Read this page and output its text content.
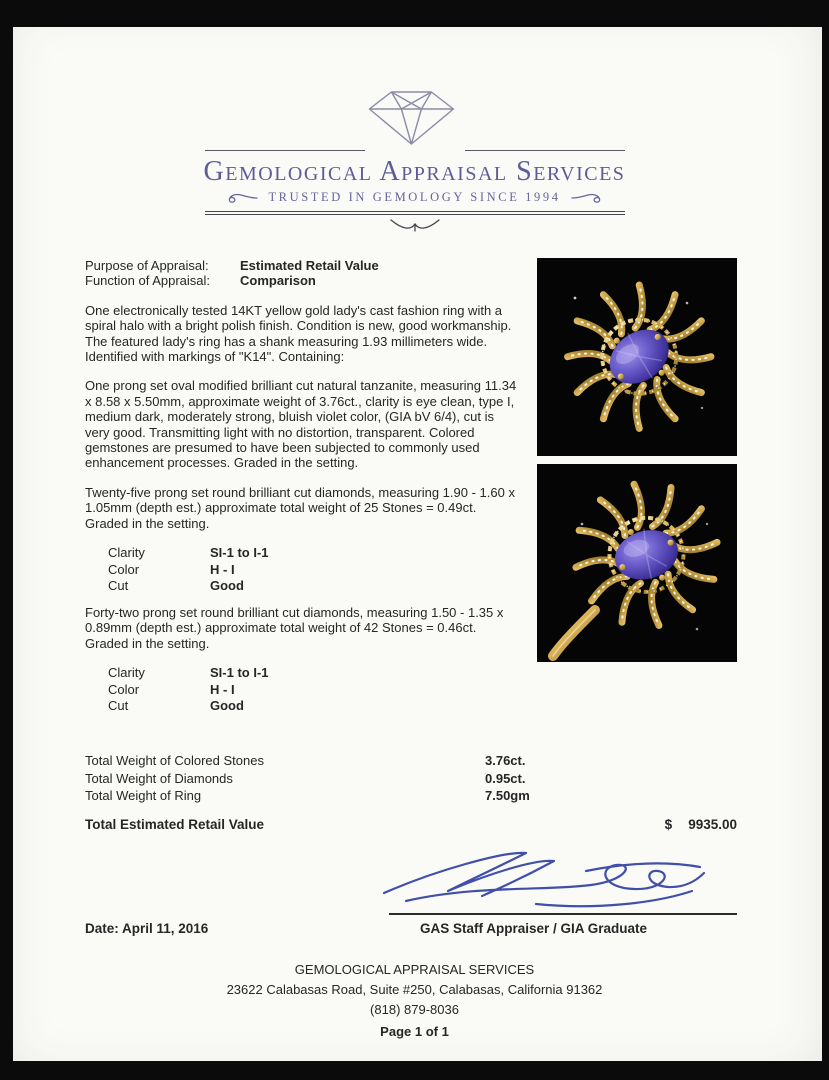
Gemological Appraisal Services
TRUSTED IN GEMOLOGY SINCE 1994
Purpose of Appraisal:	Estimated Retail Value
Function of Appraisal:	Comparison

One electronically tested 14KT yellow gold lady's cast fashion ring with a spiral halo with a bright polish finish. Condition is new, good workmanship. The featured lady's ring has a shank measuring 1.93 millimeters wide. Identified with markings of "K14". Containing:

One prong set oval modified brilliant cut natural tanzanite, measuring 11.34 x 8.58 x 5.50mm, approximate weight of 3.76ct., clarity is eye clean, type I, medium dark, moderately strong, bluish violet color, (GIA bV 6/4), cut is very good. Transmitting light with no distortion, transparent. Colored gemstones are presumed to have been subjected to commonly used enhancement processes. Graded in the setting.

Twenty-five prong set round brilliant cut diamonds, measuring 1.90 - 1.60 x 1.05mm (depth est.) approximate total weight of 25 Stones = 0.49ct. Graded in the setting.

Clarity	SI-1 to I-1
Color	H - I
Cut	Good

Forty-two prong set round brilliant cut diamonds, measuring 1.50 - 1.35 x 0.89mm (depth est.) approximate total weight of 42 Stones = 0.46ct. Graded in the setting.

Clarity	SI-1 to I-1
Color	H - I
Cut	Good
Total Weight of Colored Stones	3.76ct.
Total Weight of Diamonds	0.95ct.
Total Weight of Ring	7.50gm
Total Estimated Retail Value	$ 9935.00
Date: April 11, 2016	GAS Staff Appraiser / GIA Graduate
GEMOLOGICAL APPRAISAL SERVICES
23622 Calabasas Road, Suite #250, Calabasas, California 91362
(818) 879-8036
Page 1 of 1
